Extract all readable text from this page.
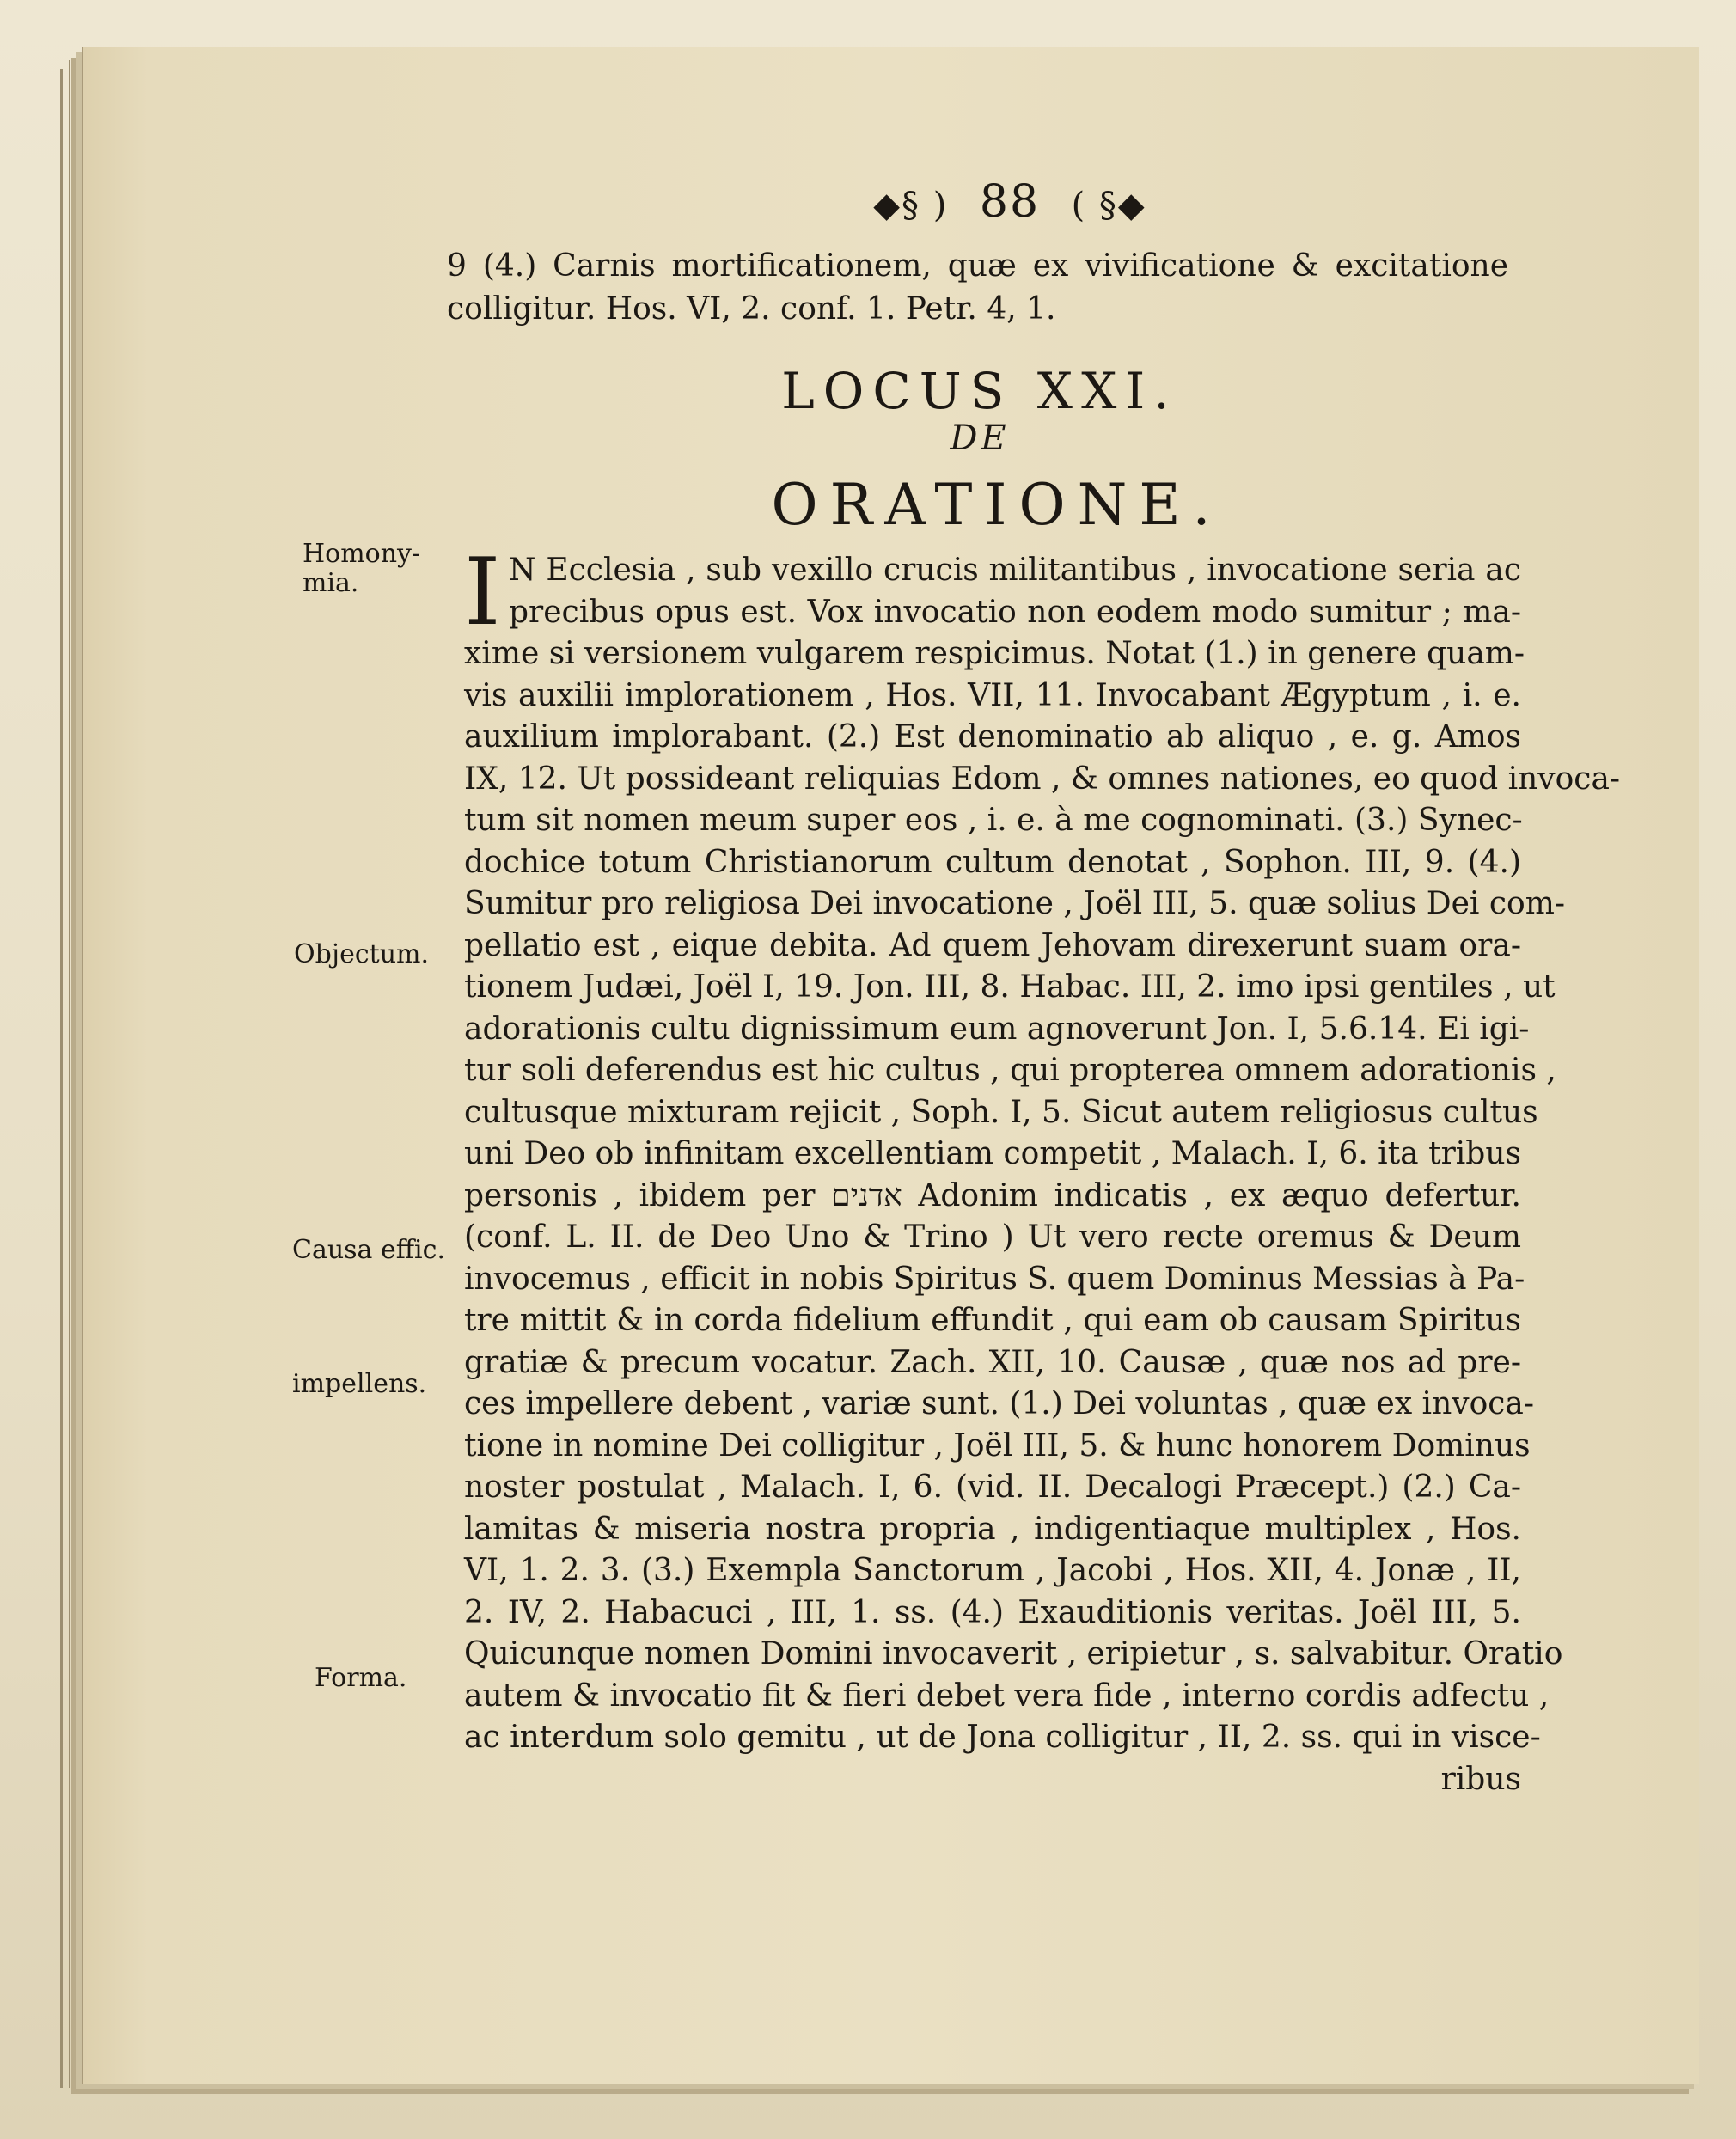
◆§ ) 88 ( §◆
9 (4.) Carnis mortificationem, quæ ex vivificatione & excitatione
colligitur. Hos. VI, 2. conf. 1. Petr. 4, 1.
LOCUS XXI.
DE
ORATIONE.
Homony-
mia.
Objectum.
Causa effic.
impellens.
Forma.
I N Ecclesia , sub vexillo crucis militantibus , invocatione seria ac
precibus opus est. Vox invocatio non eodem modo sumitur ; ma-
xime si versionem vulgarem respicimus. Notat (1.) in genere quam-
vis auxilii implorationem , Hos. VII, 11. Invocabant Ægyptum , i. e.
auxilium implorabant. (2.) Est denominatio ab aliquo , e. g. Amos
IX, 12. Ut possideant reliquias Edom , & omnes nationes, eo quod invoca-
tum sit nomen meum super eos , i. e. à me cognominati. (3.) Synec-
dochice totum Christianorum cultum denotat , Sophon. III, 9. (4.)
Sumitur pro religiosa Dei invocatione , Joël III, 5. quæ solius Dei com-
pellatio est , eique debita. Ad quem Jehovam direxerunt suam ora-
tionem Judæi, Joël I, 19. Jon. III, 8. Habac. III, 2. imo ipsi gentiles , ut
adorationis cultu dignissimum eum agnoverunt Jon. I, 5.6.14. Ei igi-
tur soli deferendus est hic cultus , qui propterea omnem adorationis ,
cultusque mixturam rejicit , Soph. I, 5. Sicut autem religiosus cultus
uni Deo ob infinitam excellentiam competit , Malach. I, 6. ita tribus
personis , ibidem per אדנים Adonim indicatis , ex æquo defertur.
(conf. L. II. de Deo Uno & Trino ) Ut vero recte oremus & Deum
invocemus , efficit in nobis Spiritus S. quem Dominus Messias à Pa-
tre mittit & in corda fidelium effundit , qui eam ob causam Spiritus
gratiæ & precum vocatur. Zach. XII, 10. Causæ , quæ nos ad pre-
ces impellere debent , variæ sunt. (1.) Dei voluntas , quæ ex invoca-
tione in nomine Dei colligitur , Joël III, 5. & hunc honorem Dominus
noster postulat , Malach. I, 6. (vid. II. Decalogi Præcept.) (2.) Ca-
lamitas & miseria nostra propria , indigentiaque multiplex , Hos.
VI, 1. 2. 3. (3.) Exempla Sanctorum , Jacobi , Hos. XII, 4. Jonæ , II,
2. IV, 2. Habacuci , III, 1. ss. (4.) Exauditionis veritas. Joël III, 5.
Quicunque nomen Domini invocaverit , eripietur , s. salvabitur. Oratio
autem & invocatio fit & fieri debet vera fide , interno cordis adfectu ,
ac interdum solo gemitu , ut de Jona colligitur , II, 2. ss. qui in visce-
ribus
